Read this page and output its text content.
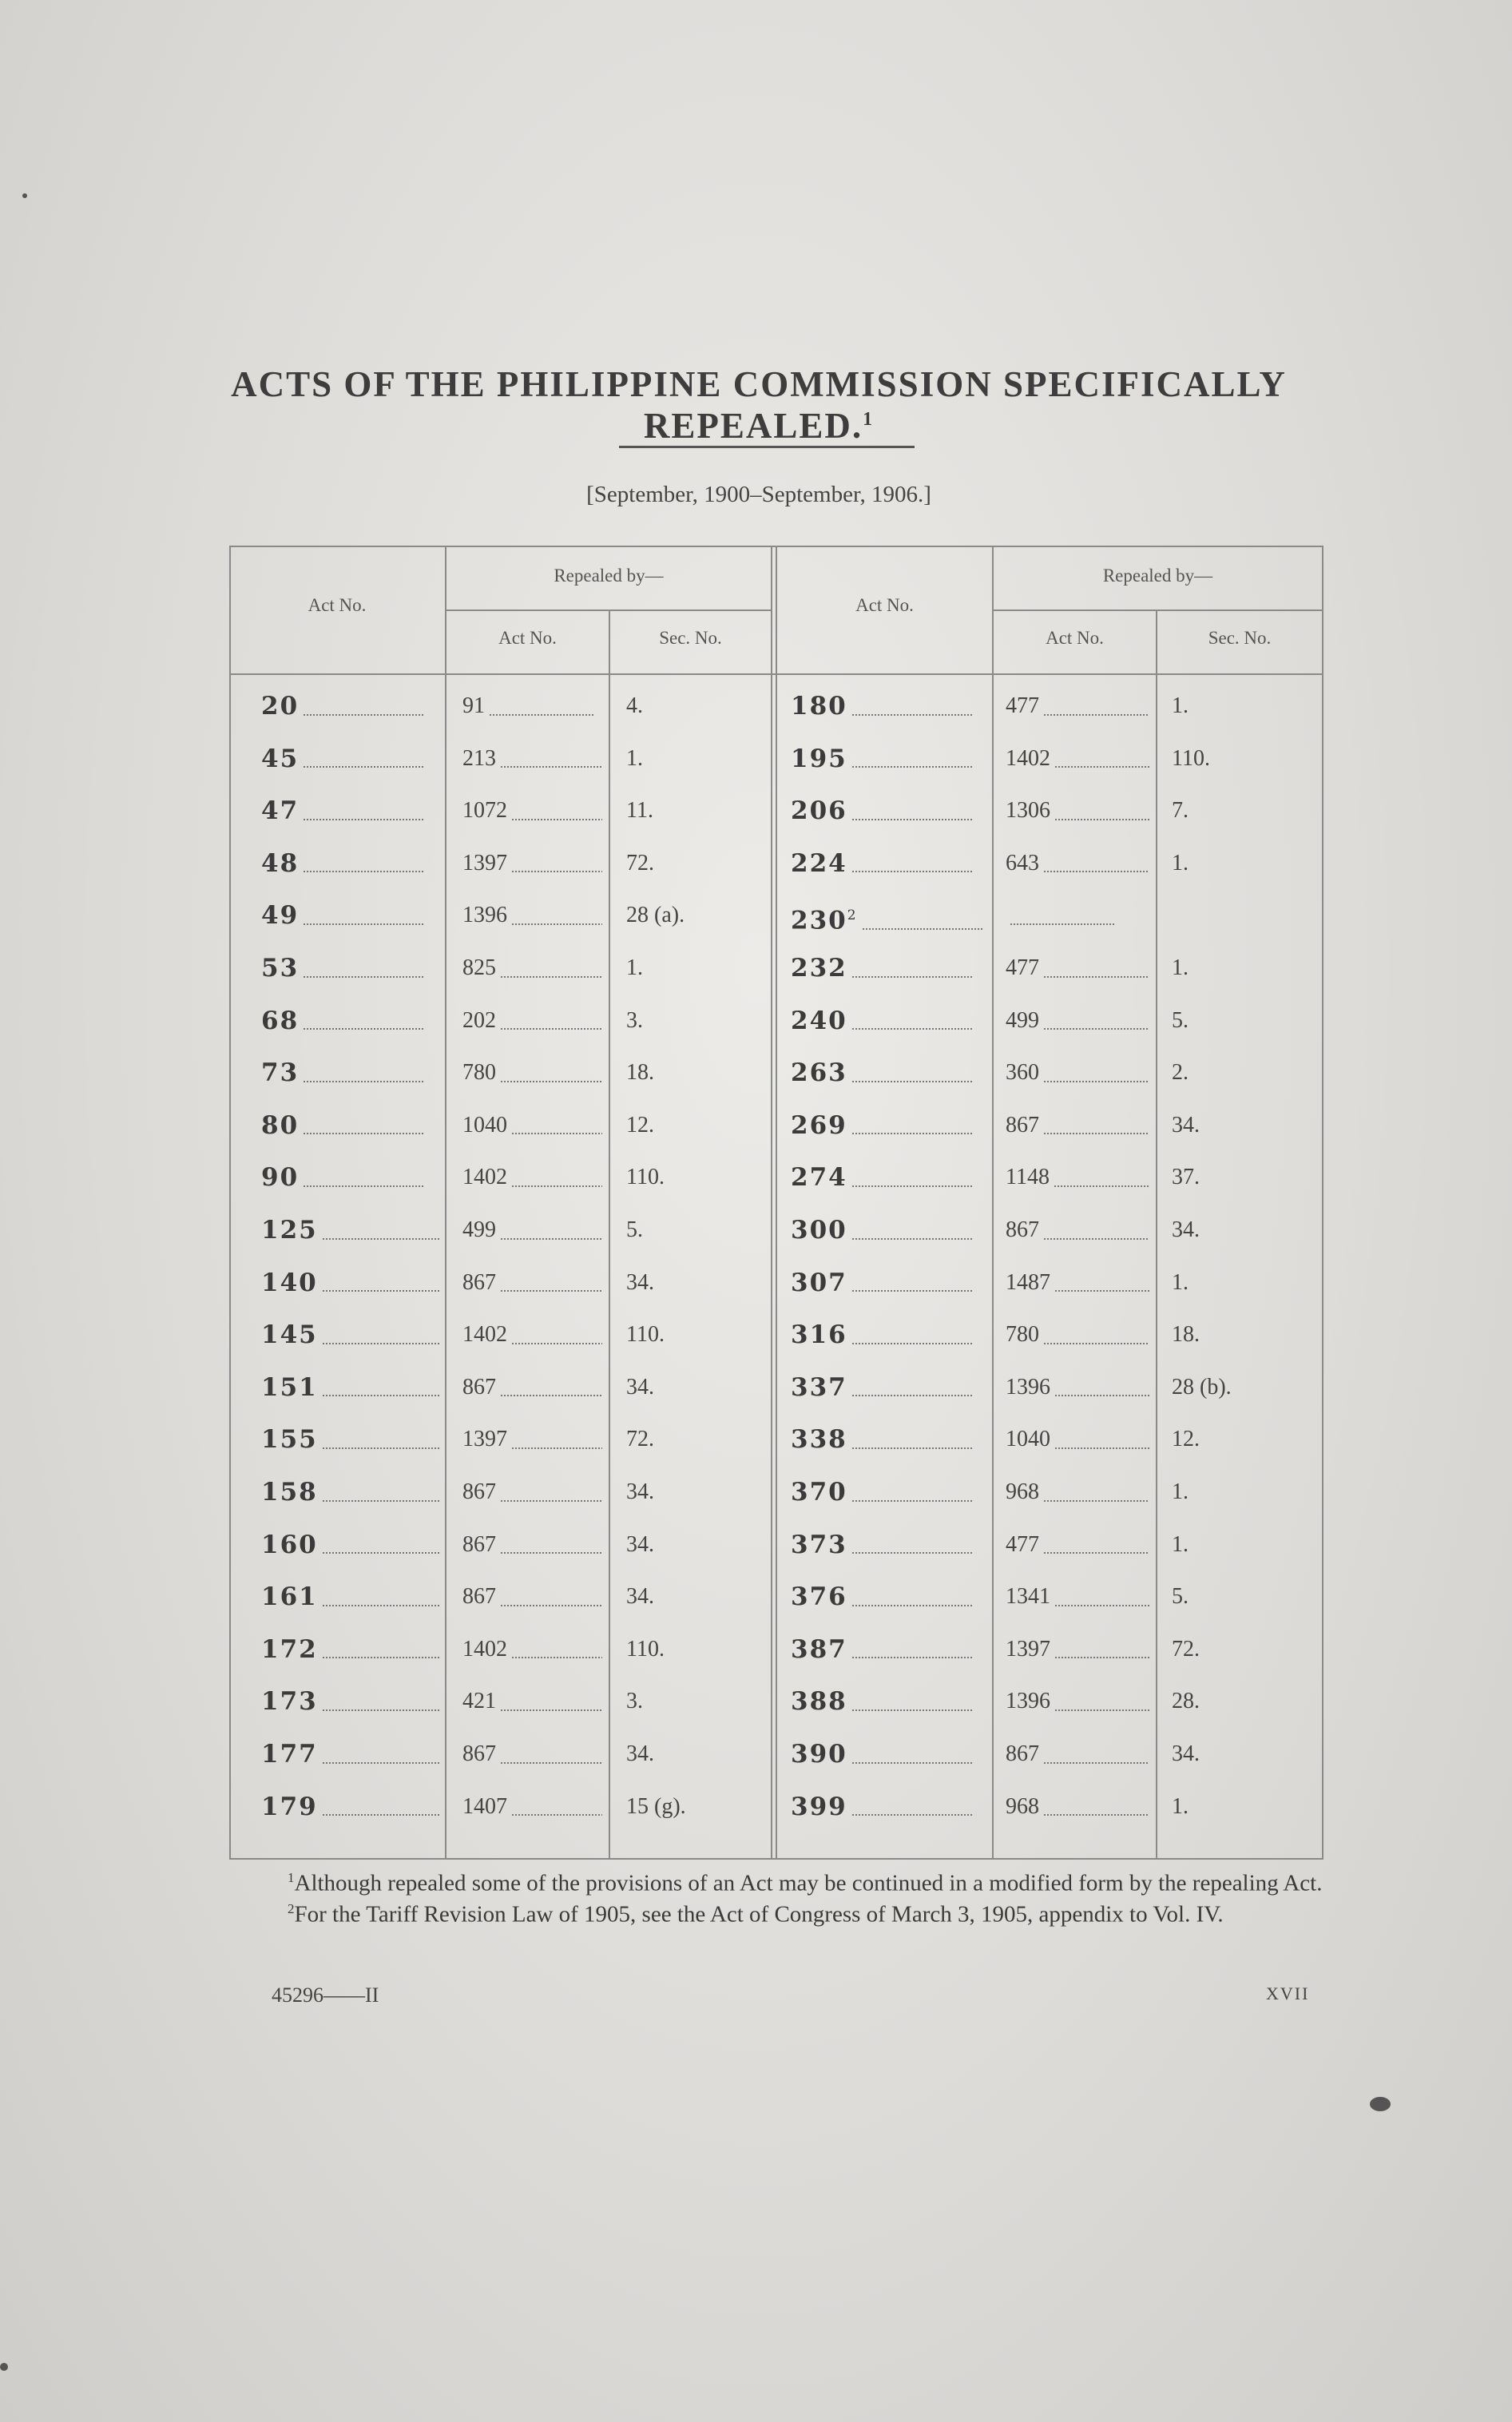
ACTS OF THE PHILIPPINE COMMISSION SPECIFICALLY REPEALED.$^1$
[September, 1900–September, 1906.]
Act No.
Repealed by—
Act No.	Sec. No.
Act No.
Repealed by—
Act No.	Sec. No.
20	91	4.
45	213	1.
47	1072	11.
48	1397	72.
49	1396	28 (a).
53	825	1.
68	202	3.
73	780	18.
80	1040	12.
90	1402	110.
125	499	5.
140	867	34.
145	1402	110.
151	867	34.
155	1397	72.
158	867	34.
160	867	34.
161	867	34.
172	1402	110.
173	421	3.
177	867	34.
179	1407	15 (g).
180	477	1.
195	1402	110.
206	1306	7.
224	643	1.
$230^2$
232	477	1.
240	499	5.
263	360	2.
269	867	34.
274	1148	37.
300	867	34.
307	1487	1.
316	780	18.
337	1396	28 (b).
338	1040	12.
370	968	1.
373	477	1.
376	1341	5.
387	1397	72.
388	1396	28.
390	867	34.
399	968	1.

$^1$Although repealed some of the provisions of an Act may be continued in a modified form by the repealing Act.

$^2$For the Tariff Revision Law of 1905, see the Act of Congress of March 3, 1905, appendix to Vol. IV.

45296——II	XVII
